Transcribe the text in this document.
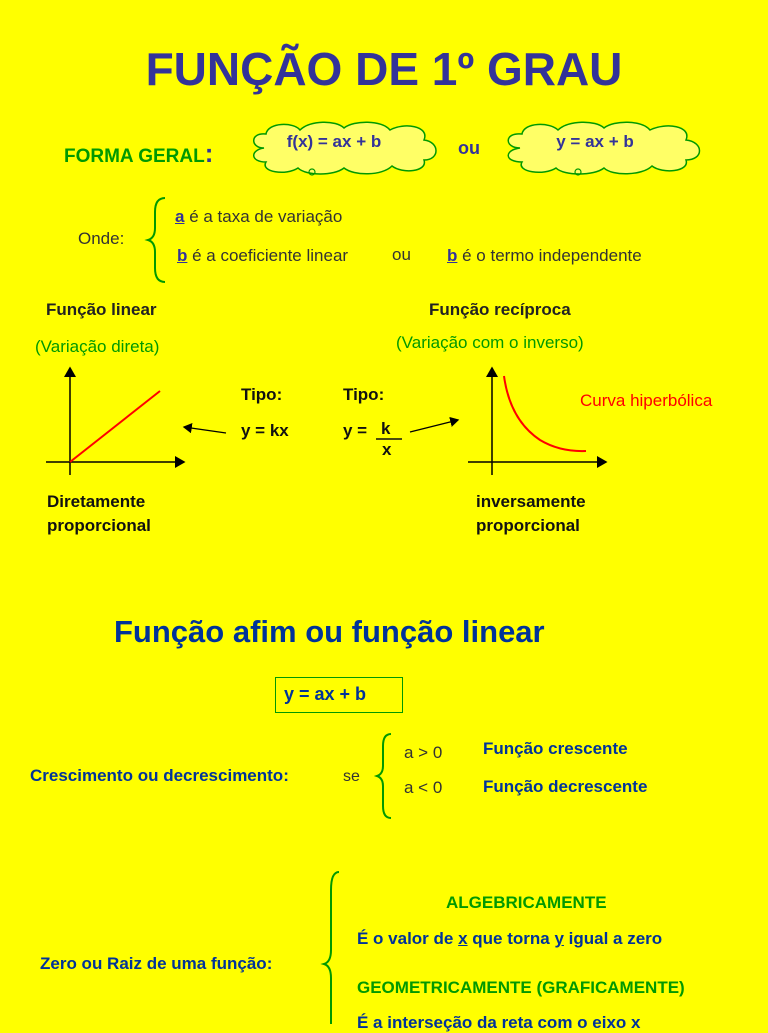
FUNÇÃO DE 1º GRAU
FORMA GERAL:	f(x) = ax + b	ou	y = ax + b
Onde:
a é a taxa de variação
b é a coeficiente linear	ou b é o termo independente
Função linear
(Variação direta)
Tipo:
y = kx
Diretamente
proporcional
Função recíproca
(Variação com o inverso)
Tipo:
y = k
x
Curva hiperbólica
inversamente
proporcional
Função afim ou função linear
y = ax + b
Crescimento ou decrescimento:	se
a > 0 Função crescente
a < 0 Função decrescente
Zero ou Raiz de uma função:
ALGEBRICAMENTE
É o valor de x que torna y igual a zero
GEOMETRICAMENTE (GRAFICAMENTE)
É a interseção da reta com o eixo x
